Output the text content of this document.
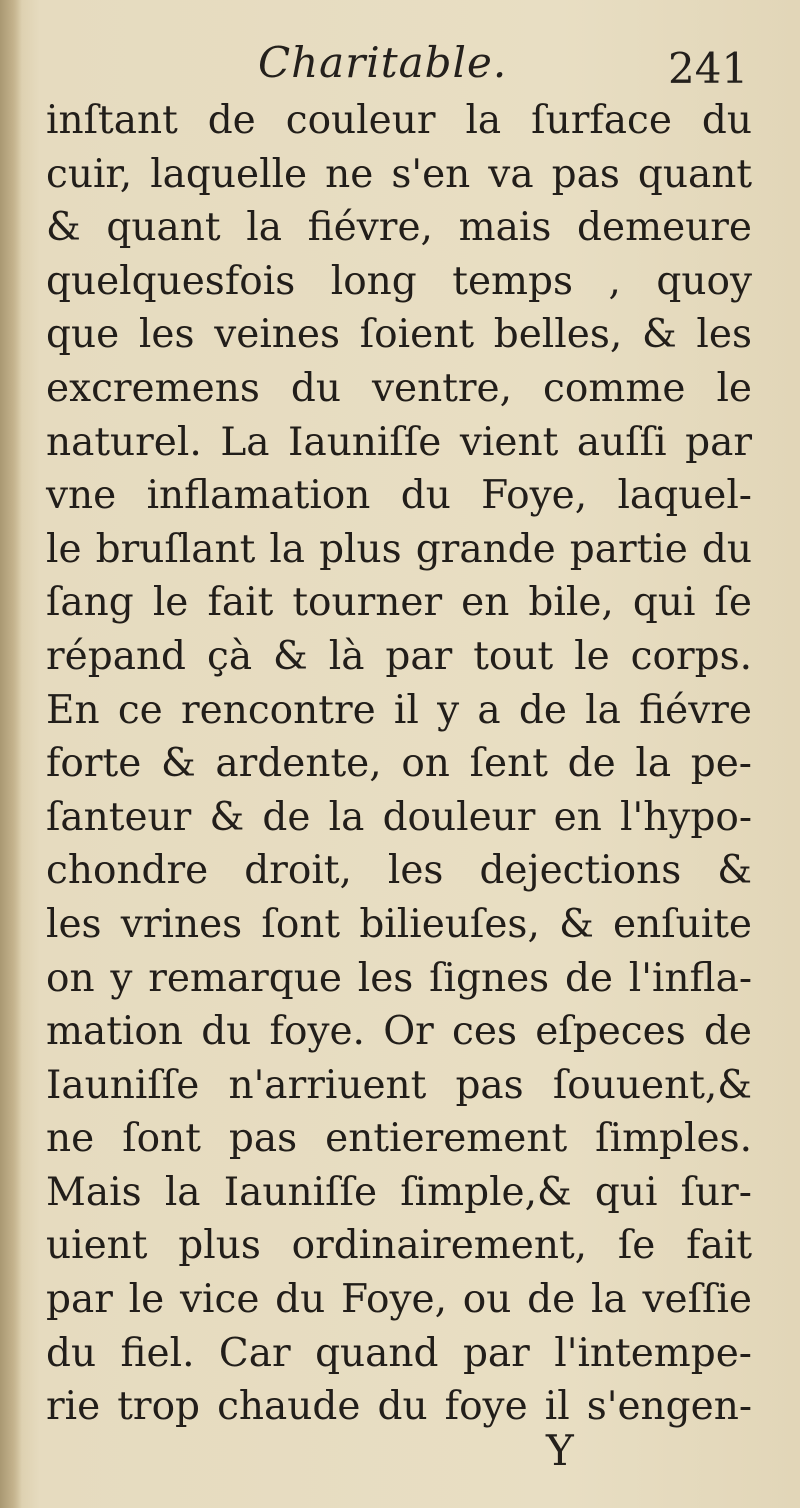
Charitable.	241
inſtant de couleur la ſurface du
cuir, laquelle ne s'en va pas quant
& quant la fiévre, mais demeure
quelquesfois long temps , quoy
que les veines ſoient belles, & les
excremens du ventre, comme le
naturel. La Iauniſſe vient auſſi par
vne inflamation du Foye, laquel-
le bruſlant la plus grande partie du
ſang le fait tourner en bile, qui ſe
répand çà & là par tout le corps.
En ce rencontre il y a de la fiévre
forte & ardente, on ſent de la pe-
ſanteur & de la douleur en l'hypo-
chondre droit, les dejections &
les vrines ſont bilieuſes, & enſuite
on y remarque les ſignes de l'infla-
mation du foye. Or ces eſpeces de
Iauniſſe n'arriuent pas ſouuent,&
ne ſont pas entierement ſimples.
Mais la Iauniſſe ſimple,& qui ſur-
uient plus ordinairement, ſe fait
par le vice du Foye, ou de la veſſie
du fiel. Car quand par l'intempe-
rie trop chaude du foye il s'engen-
Y
